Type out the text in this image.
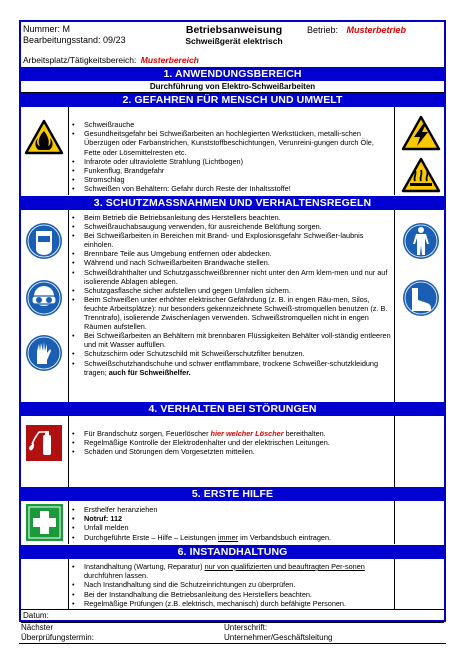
Nummer: M
Bearbeitungsstand: 09/23
Betriebsanweisung
Schweißgerät elektrisch
Betrieb: Musterbetrieb
Arbeitsplatz/Tätigkeitsbereich: Musterbereich
1. ANWENDUNGSBEREICH
Durchführung von Elektro-Schweißarbeiten
2. GEFAHREN FÜR MENSCH UND UMWELT
• Schweißrauche
• Gesundheitsgefahr bei Schweißarbeiten an hochlegierten Werkstücken, metalli-schen Überzügen oder Farbanstrichen, Kunststoffbeschichtungen, Verunreini-gungen durch Öle, Fette oder Lösemittelresten etc.
• Infrarote oder ultraviolette Strahlung (Lichtbogen)
• Funkenflug, Brandgefahr
• Stromschlag
• Schweißen von Behältern: Gefahr durch Reste der Inhaltsstoffe!
3. SCHUTZMASSNAHMEN UND VERHALTENSREGELN
• Beim Betrieb die Betriebsanleitung des Herstellers beachten.
• Schweißrauchabsaugung verwenden, für ausreichende Belüftung sorgen.
• Bei Schweißarbeiten in Bereichen mit Brand- und Explosionsgefahr Schweißer-laubnis einholen.
• Brennbare Teile aus Umgebung entfernen oder abdecken.
• Während und nach Schweißarbeiten Brandwache stellen.
• Schweißdrahthalter und Schutzgasschweißbrenner nicht unter den Arm klem-men und nur auf isolierende Ablagen ablegen.
• Schutzgasflasche sicher aufstellen und gegen Umfallen sichern.
• Beim Schweißen unter erhöhter elektrischer Gefährdung (z. B. in engen Räu-men, Silos, feuchte Arbeitsplätze): nur besonders gekennzeichnete Schweiß-stromquellen benutzen (z. B. Trenntrafo), isolierende Zwischenlagen verwenden. Schweißstromquellen nicht in engen Räumen aufstellen.
• Bei Schweißarbeiten an Behältern mit brennbaren Flüssigkeiten Behälter voll-ständig entleeren und mit Wasser auffüllen.
• Schutzschirm oder Schutzschild mit Schweißerschutzfilter benutzen.
• Schweißschutzhandschuhe und schwer entflammbare, trockene Schweißer-schutzkleidung tragen; auch für Schweißhelfer.
4. VERHALTEN BEI STÖRUNGEN
• Für Brandschutz sorgen, Feuerlöscher hier welcher Löscher bereithalten.
• Regelmäßige Kontrolle der Elektrodenhalter und der elektrischen Leitungen.
• Schäden und Störungen dem Vorgesetzten mitteilen.
5. ERSTE HILFE
• Ersthelfer heranziehen
• Notruf: 112
• Unfall melden
• Durchgeführte Erste – Hilfe – Leistungen immer im Verbandsbuch eintragen.
6. INSTANDHALTUNG
• Instandhaltung (Wartung, Reparatur) nur von qualifizierten und beauftragten Per-sonen durchführen lassen.
• Nach Instandhaltung sind die Schutzeinrichtungen zu überprüfen.
• Bei der Instandhaltung die Betriebsanleitung des Herstellers beachten.
• Regelmäßige Prüfungen (z.B. elektrisch, mechanisch) durch befähigte Personen.
Datum:
Nächster
Überprüfungstermin:
Unterschrift:
Unternehmer/Geschäftsleitung
